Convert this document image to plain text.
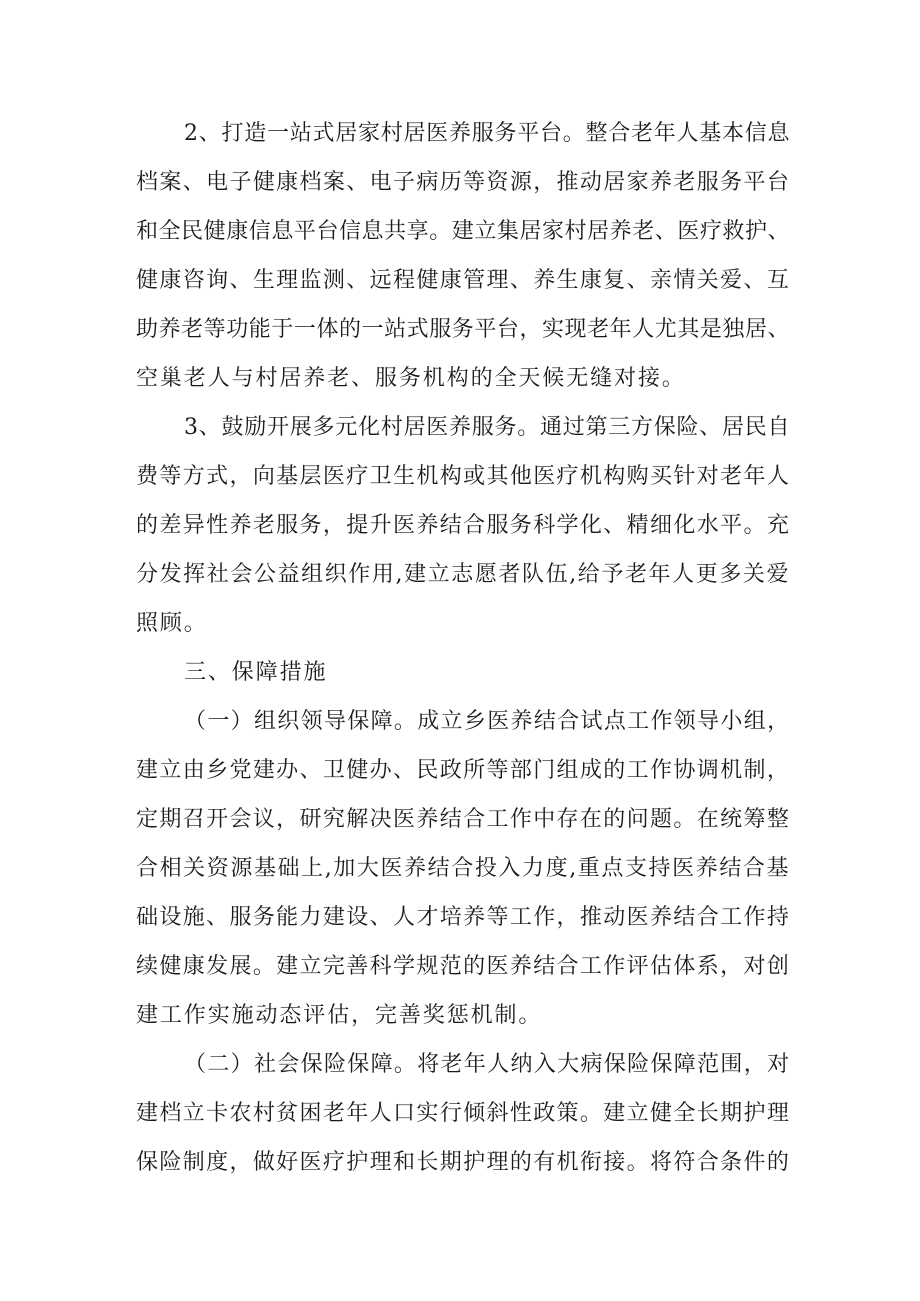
2、打造一站式居家村居医养服务平台。整合老年人基本信息
档案、电子健康档案、电子病历等资源，推动居家养老服务平台
和全民健康信息平台信息共享。建立集居家村居养老、医疗救护、
健康咨询、生理监测、远程健康管理、养生康复、亲情关爱、互
助养老等功能于一体的一站式服务平台，实现老年人尤其是独居、
空巢老人与村居养老、服务机构的全天候无缝对接。
3、鼓励开展多元化村居医养服务。通过第三方保险、居民自
费等方式，向基层医疗卫生机构或其他医疗机构购买针对老年人
的差异性养老服务，提升医养结合服务科学化、精细化水平。充
分发挥社会公益组织作用,建立志愿者队伍,给予老年人更多关爱
照顾。
三、保障措施
（一）组织领导保障。成立乡医养结合试点工作领导小组，
建立由乡党建办、卫健办、民政所等部门组成的工作协调机制，
定期召开会议，研究解决医养结合工作中存在的问题。在统筹整
合相关资源基础上,加大医养结合投入力度,重点支持医养结合基
础设施、服务能力建设、人才培养等工作，推动医养结合工作持
续健康发展。建立完善科学规范的医养结合工作评估体系，对创
建工作实施动态评估，完善奖惩机制。
（二）社会保险保障。将老年人纳入大病保险保障范围，对
建档立卡农村贫困老年人口实行倾斜性政策。建立健全长期护理
保险制度，做好医疗护理和长期护理的有机衔接。将符合条件的
